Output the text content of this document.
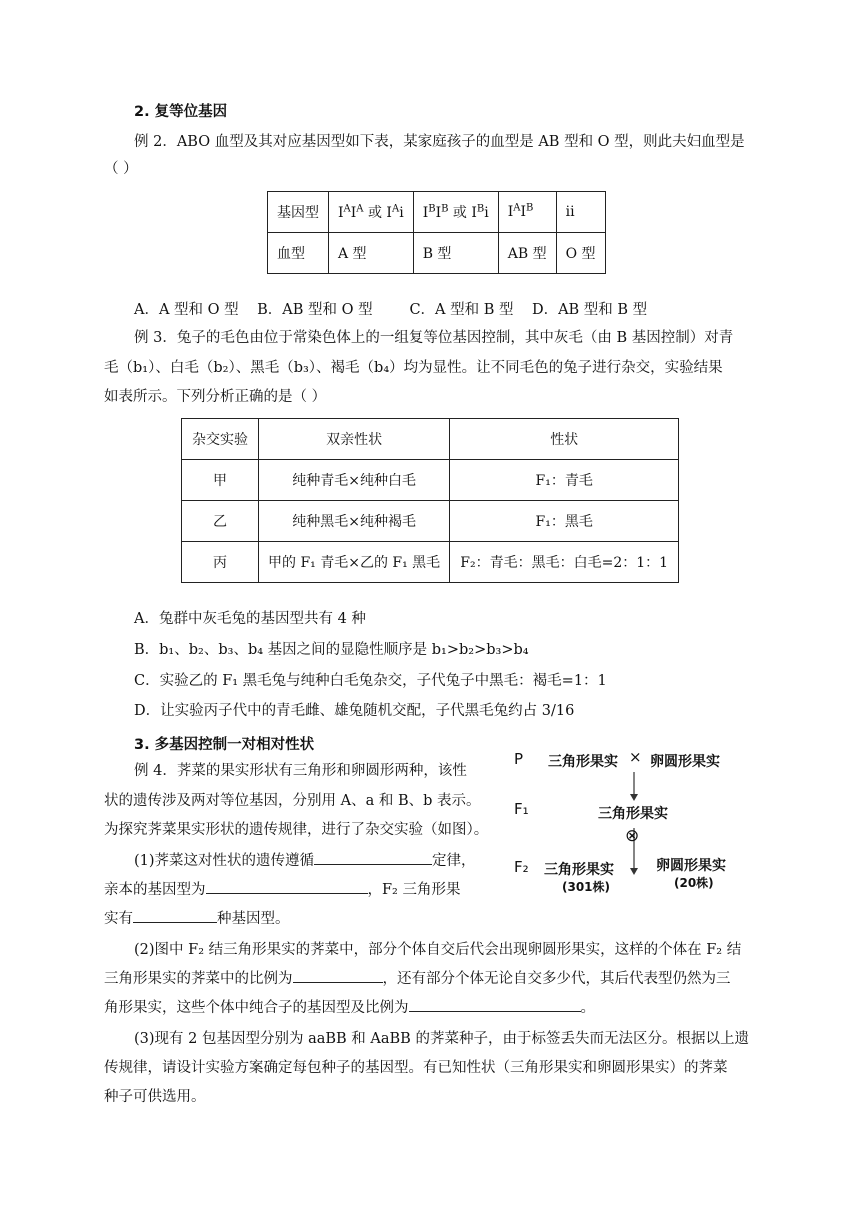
2. 复等位基因
例 2．ABO 血型及其对应基因型如下表，某家庭孩子的血型是 AB 型和 O 型，则此夫妇血型是
（ ）
基因型	$I^AI^A$ 或 $I^Ai$	$I^BI^B$ 或 $I^Bi$	$I^AI^B$	ii
血型	A 型	B 型	AB 型	O 型
A．A 型和 O 型    B．AB 型和 O 型        C．A 型和 B 型    D．AB 型和 B 型
例 3．兔子的毛色由位于常染色体上的一组复等位基因控制，其中灰毛（由 B 基因控制）对青
毛（b₁）、白毛（b₂）、黑毛（b₃）、褐毛（b₄）均为显性。让不同毛色的兔子进行杂交，实验结果
如表所示。下列分析正确的是（ ）
杂交实验	双亲性状	性状
甲	纯种青毛×纯种白毛	F₁：青毛
乙	纯种黑毛×纯种褐毛	F₁：黑毛
丙	甲的 F₁ 青毛×乙的 F₁ 黑毛	F₂：青毛：黑毛：白毛=2：1：1
A．兔群中灰毛兔的基因型共有 4 种
B．b₁、b₂、b₃、b₄ 基因之间的显隐性顺序是 b₁>b₂>b₃>b₄
C．实验乙的 F₁ 黑毛兔与纯种白毛兔杂交，子代兔子中黑毛：褐毛=1：1
D．让实验丙子代中的青毛雌、雄兔随机交配，子代黑毛兔约占 3/16
3. 多基因控制一对相对性状
例 4．荠菜的果实形状有三角形和卵圆形两种，该性
状的遗传涉及两对等位基因，分别用 A、a 和 B、b 表示。
为探究荠菜果实形状的遗传规律，进行了杂交实验（如图）。
(1)荠菜这对性状的遗传遵循	定律，
亲本的基因型为	，F₂ 三角形果
实有	种基因型。
(2)图中 F₂ 结三角形果实的荠菜中，部分个体自交后代会出现卵圆形果实，这样的个体在 F₂ 结
三角形果实的荠菜中的比例为	，还有部分个体无论自交多少代，其后代表型仍然为三
角形果实，这些个体中纯合子的基因型及比例为	。
(3)现有 2 包基因型分别为 aaBB 和 AaBB 的荠菜种子，由于标签丢失而无法区分。根据以上遗
传规律，请设计实验方案确定每包种子的基因型。有已知性状（三角形果实和卵圆形果实）的荠菜
种子可供选用。
P 三角形果实 × 卵圆形果实
F₁	三角形果实
⊗
F₂ 三角形果实
(301株)
卵圆形果实
(20株)
